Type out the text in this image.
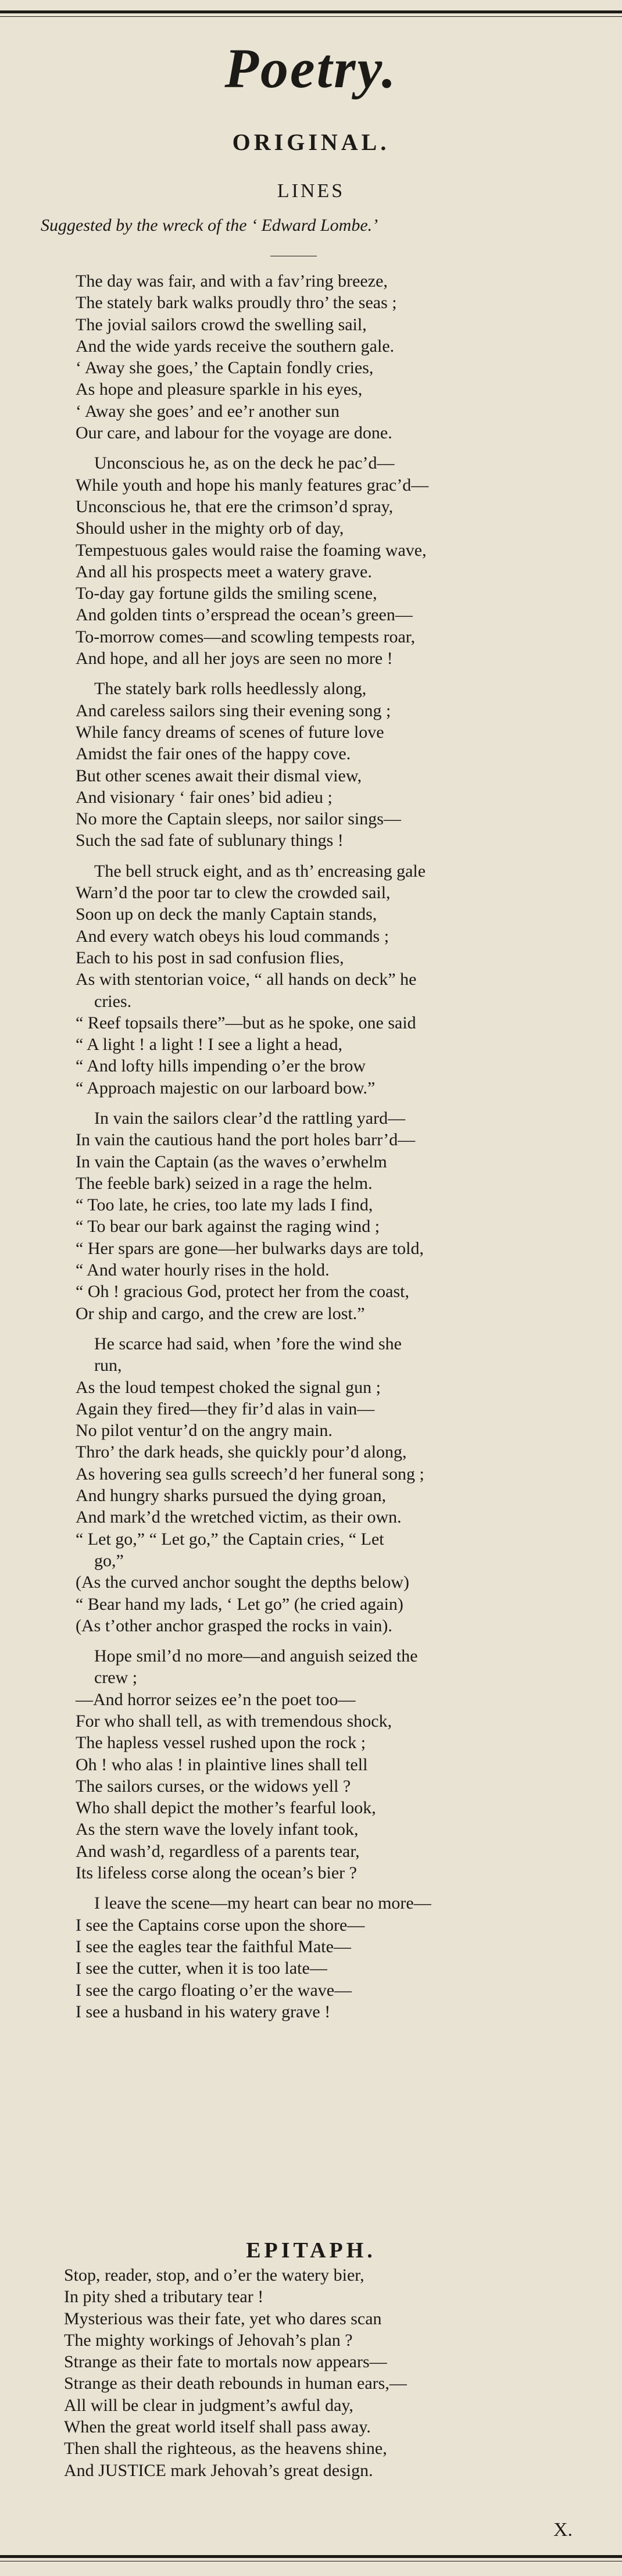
Poetry.
ORIGINAL.
LINES
Suggested by the wreck of the ‘ Edward Lombe.’
The day was fair, and with a fav’ring breeze,
The stately bark walks proudly thro’ the seas ;
The jovial sailors crowd the swelling sail,
And the wide yards receive the southern gale.
‘ Away she goes,’ the Captain fondly cries,
As hope and pleasure sparkle in his eyes,
‘ Away she goes’ and ee’r another sun
Our care, and labour for the voyage are done.
Unconscious he, as on the deck he pac’d—
While youth and hope his manly features grac’d—
Unconscious he, that ere the crimson’d spray,
Should usher in the mighty orb of day,
Tempestuous gales would raise the foaming wave,
And all his prospects meet a watery grave.
To-day gay fortune gilds the smiling scene,
And golden tints o’erspread the ocean’s green—
To-morrow comes—and scowling tempests roar,
And hope, and all her joys are seen no more !
The stately bark rolls heedlessly along,
And careless sailors sing their evening song ;
While fancy dreams of scenes of future love
Amidst the fair ones of the happy cove.
But other scenes await their dismal view,
And visionary ‘ fair ones’ bid adieu ;
No more the Captain sleeps, nor sailor sings—
Such the sad fate of sublunary things !
The bell struck eight, and as th’ encreasing gale
Warn’d the poor tar to clew the crowded sail,
Soon up on deck the manly Captain stands,
And every watch obeys his loud commands ;
Each to his post in sad confusion flies,
As with stentorian voice, “ all hands on deck” he
cries.
“ Reef topsails there”—but as he spoke, one said
“ A light ! a light ! I see a light a head,
“ And lofty hills impending o’er the brow
“ Approach majestic on our larboard bow.”
In vain the sailors clear’d the rattling yard—
In vain the cautious hand the port holes barr’d—
In vain the Captain (as the waves o’erwhelm
The feeble bark) seized in a rage the helm.
“ Too late, he cries, too late my lads I find,
“ To bear our bark against the raging wind ;
“ Her spars are gone—her bulwarks days are told,
“ And water hourly rises in the hold.
“ Oh ! gracious God, protect her from the coast,
Or ship and cargo, and the crew are lost.”
He scarce had said, when ’fore the wind she
run,
As the loud tempest choked the signal gun ;
Again they fired—they fir’d alas in vain—
No pilot ventur’d on the angry main.
Thro’ the dark heads, she quickly pour’d along,
As hovering sea gulls screech’d her funeral song ;
And hungry sharks pursued the dying groan,
And mark’d the wretched victim, as their own.
“ Let go,” “ Let go,” the Captain cries, “ Let
go,”
(As the curved anchor sought the depths below)
“ Bear hand my lads, ‘ Let go” (he cried again)
(As t’other anchor grasped the rocks in vain).
Hope smil’d no more—and anguish seized the
crew ;
—And horror seizes ee’n the poet too—
For who shall tell, as with tremendous shock,
The hapless vessel rushed upon the rock ;
Oh ! who alas ! in plaintive lines shall tell
The sailors curses, or the widows yell ?
Who shall depict the mother’s fearful look,
As the stern wave the lovely infant took,
And wash’d, regardless of a parents tear,
Its lifeless corse along the ocean’s bier ?
I leave the scene—my heart can bear no more—
I see the Captains corse upon the shore—
I see the eagles tear the faithful Mate—
I see the cutter, when it is too late—
I see the cargo floating o’er the wave—
I see a husband in his watery grave !
EPITAPH.
Stop, reader, stop, and o’er the watery bier,
In pity shed a tributary tear !
Mysterious was their fate, yet who dares scan
The mighty workings of Jehovah’s plan ?
Strange as their fate to mortals now appears—
Strange as their death rebounds in human ears,—
All will be clear in judgment’s awful day,
When the great world itself shall pass away.
Then shall the righteous, as the heavens shine,
And JUSTICE mark Jehovah’s great design.
X.
